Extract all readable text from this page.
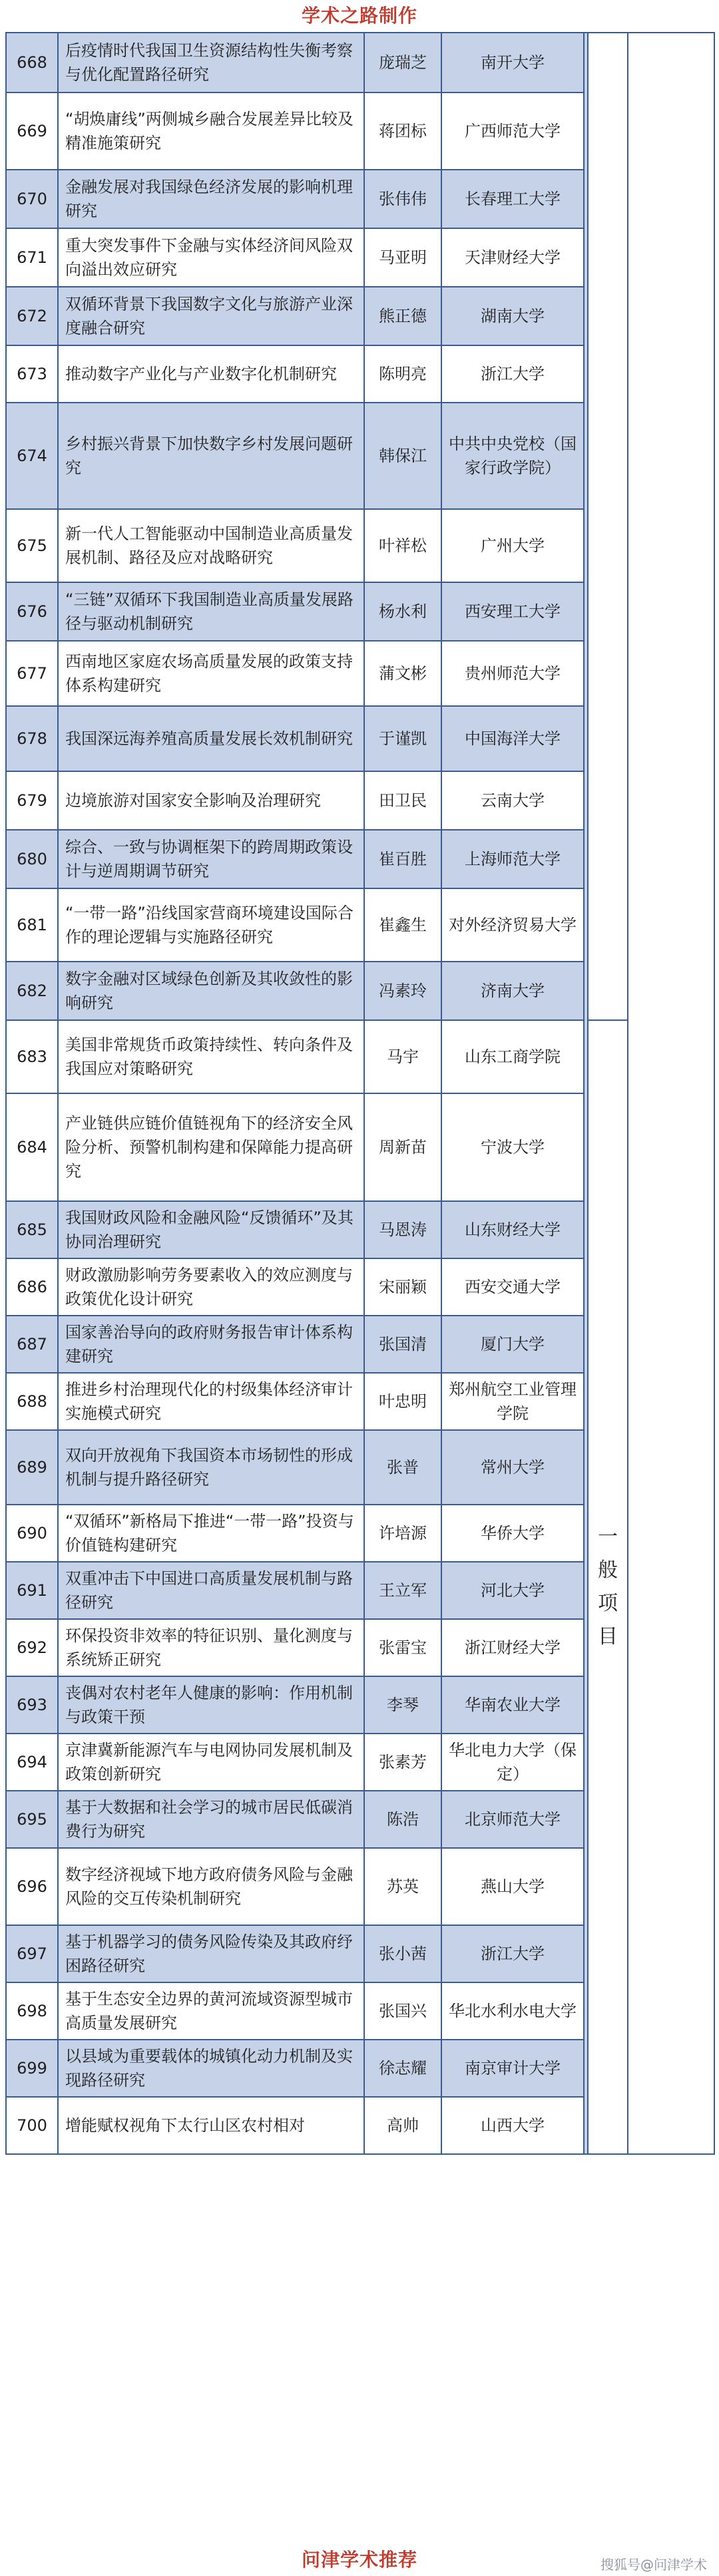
学术之路制作
668	后疫情时代我国卫生资源结构性失衡考察与优化配置路径研究	庞瑞芝	南开大学			
669	“胡焕庸线”两侧城乡融合发展差异比较及精准施策研究	蒋团标	广西师范大学			
670	金融发展对我国绿色经济发展的影响机理研究	张伟伟	长春理工大学			
671	重大突发事件下金融与实体经济间风险双向溢出效应研究	马亚明	天津财经大学			
672	双循环背景下我国数字文化与旅游产业深度融合研究	熊正德	湖南大学			
673	推动数字产业化与产业数字化机制研究	陈明亮	浙江大学			
674	乡村振兴背景下加快数字乡村发展问题研究	韩保江	中共中央党校（国家行政学院）			
675	新一代人工智能驱动中国制造业高质量发展机制、路径及应对战略研究	叶祥松	广州大学			
676	“三链”双循环下我国制造业高质量发展路径与驱动机制研究	杨水利	西安理工大学			
677	西南地区家庭农场高质量发展的政策支持体系构建研究	蒲文彬	贵州师范大学			
678	我国深远海养殖高质量发展长效机制研究	于谨凯	中国海洋大学			
679	边境旅游对国家安全影响及治理研究	田卫民	云南大学			
680	综合、一致与协调框架下的跨周期政策设计与逆周期调节研究	崔百胜	上海师范大学			
681	“一带一路”沿线国家营商环境建设国际合作的理论逻辑与实施路径研究	崔鑫生	对外经济贸易大学			
682	数字金融对区域绿色创新及其收敛性的影响研究	冯素玲	济南大学			
683	美国非常规货币政策持续性、转向条件及我国应对策略研究	马宇	山东工商学院		一般项目	
684	产业链供应链价值链视角下的经济安全风险分析、预警机制构建和保障能力提高研究	周新苗	宁波大学			
685	我国财政风险和金融风险“反馈循环”及其协同治理研究	马恩涛	山东财经大学			
686	财政激励影响劳务要素收入的效应测度与政策优化设计研究	宋丽颖	西安交通大学			
687	国家善治导向的政府财务报告审计体系构建研究	张国清	厦门大学			
688	推进乡村治理现代化的村级集体经济审计实施模式研究	叶忠明	郑州航空工业管理学院			
689	双向开放视角下我国资本市场韧性的形成机制与提升路径研究	张普	常州大学			
690	“双循环”新格局下推进“一带一路”投资与价值链构建研究	许培源	华侨大学			
691	双重冲击下中国进口高质量发展机制与路径研究	王立军	河北大学			
692	环保投资非效率的特征识别、量化测度与系统矫正研究	张雷宝	浙江财经大学			
693	丧偶对农村老年人健康的影响：作用机制与政策干预	李琴	华南农业大学			
694	京津冀新能源汽车与电网协同发展机制及政策创新研究	张素芳	华北电力大学（保定）			
695	基于大数据和社会学习的城市居民低碳消费行为研究	陈浩	北京师范大学			
696	数字经济视域下地方政府债务风险与金融风险的交互传染机制研究	苏英	燕山大学			
697	基于机器学习的债务风险传染及其政府纾困路径研究	张小茜	浙江大学			
698	基于生态安全边界的黄河流域资源型城市高质量发展研究	张国兴	华北水利水电大学			
699	以县域为重要载体的城镇化动力机制及实现路径研究	徐志耀	南京审计大学			
700	增能赋权视角下太行山区农村相对	高帅	山西大学			
问津学术推荐	搜狐号@问津学术
